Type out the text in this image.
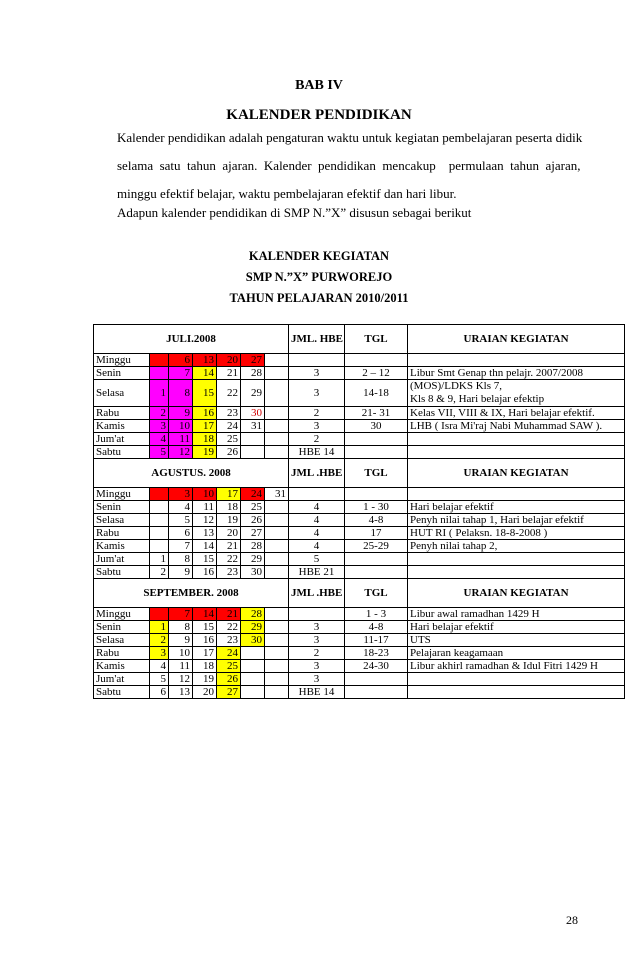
BAB IV
KALENDER PENDIDIKAN
Kalender pendidikan adalah pengaturan waktu untuk kegiatan pembelajaran peserta didik
selama  satu  tahun  ajaran.  Kalender  pendidikan  mencakup    permulaan  tahun  ajaran,
minggu efektif belajar, waktu pembelajaran efektif dan hari libur.
Adapun kalender pendidikan di SMP N.”X” disusun sebagai berikut
KALENDER KEGIATAN
SMP N.”X” PURWOREJO
TAHUN PELAJARAN 2010/2011
JULI.2008							JML. HBE	TGL	URAIAN KEGIATAN
Minggu		6	13	20	27				

Senin		7	14	21	28		3	2 – 12	Libur Smt Genap thn pelajr. 2007/2008

Selasa	1	8	15	22	29		3	14-18	(MOS)/LDKS Kls 7,
Kls 8 & 9, Hari belajar efektip

Rabu	2	9	16	23	30		2	21- 31	Kelas VII, VIII & IX, Hari belajar efektif.

Kamis	3	10	17	24	31		3	30	LHB ( Isra Mi'raj Nabi Muhammad SAW ).

Jum'at	4	11	18	25			2		

Sabtu	5	12	19	26			HBE 14		

AGUSTUS. 2008							JML .HBE	TGL	URAIAN KEGIATAN
Minggu		3	10	17	24	31			

Senin		4	11	18	25		4	1 - 30	Hari belajar efektif

Selasa		5	12	19	26		4	4-8	Penyh nilai tahap 1, Hari belajar efektif

Rabu		6	13	20	27		4	17	HUT RI ( Pelaksn. 18-8-2008 )

Kamis		7	14	21	28		4	25-29	Penyh nilai tahap 2,

Jum'at	1	8	15	22	29		5		

Sabtu	2	9	16	23	30		HBE 21		

SEPTEMBER. 2008							JML .HBE	TGL	URAIAN KEGIATAN
Minggu		7	14	21	28			1 - 3	Libur awal ramadhan 1429 H

Senin	1	8	15	22	29		3	4-8	Hari belajar efektif

Selasa	2	9	16	23	30		3	11-17	UTS

Rabu	3	10	17	24			2	18-23	Pelajaran keagamaan

Kamis	4	11	18	25			3	24-30	Libur akhirl ramadhan & Idul Fitri 1429 H

Jum'at	5	12	19	26			3		

Sabtu	6	13	20	27			HBE 14		
28
